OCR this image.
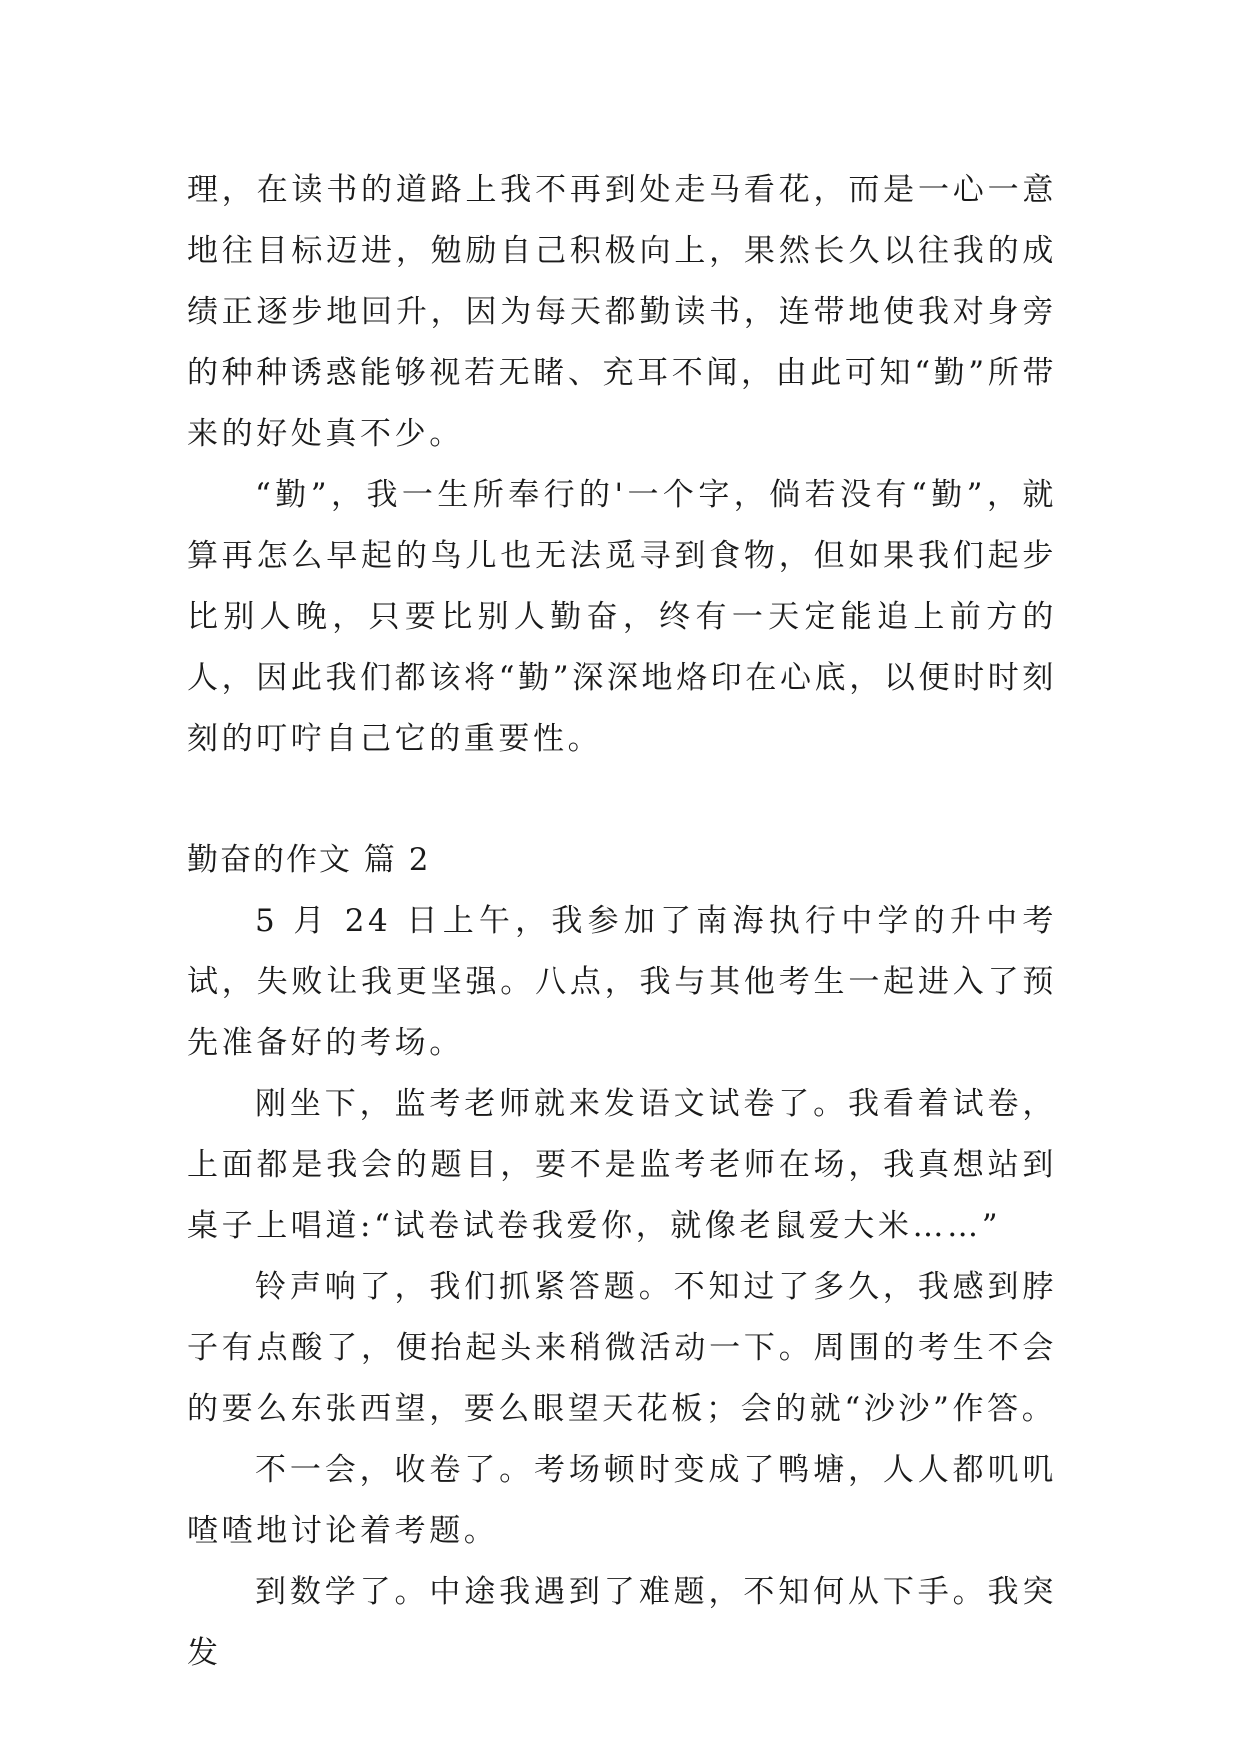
理，在读书的道路上我不再到处走马看花，而是一心一意地往目标迈进，勉励自己积极向上，果然长久以往我的成绩正逐步地回升，因为每天都勤读书，连带地使我对身旁的种种诱惑能够视若无睹、充耳不闻，由此可知“勤”所带来的好处真不少。

“勤”，我一生所奉行的'一个字，倘若没有“勤”，就算再怎么早起的鸟儿也无法觅寻到食物，但如果我们起步比别人晚，只要比别人勤奋，终有一天定能追上前方的人，因此我们都该将“勤”深深地烙印在心底，以便时时刻刻的叮咛自己它的重要性。

勤奋的作文 篇 2

5 月 24 日上午，我参加了南海执行中学的升中考试，失败让我更坚强。八点，我与其他考生一起进入了预先准备好的考场。

刚坐下，监考老师就来发语文试卷了。我看着试卷，上面都是我会的题目，要不是监考老师在场，我真想站到桌子上唱道:“试卷试卷我爱你，就像老鼠爱大米……”

铃声响了，我们抓紧答题。不知过了多久，我感到脖子有点酸了，便抬起头来稍微活动一下。周围的考生不会的要么东张西望，要么眼望天花板；会的就“沙沙”作答。

不一会，收卷了。考场顿时变成了鸭塘，人人都叽叽喳喳地讨论着考题。

到数学了。中途我遇到了难题，不知何从下手。我突发
